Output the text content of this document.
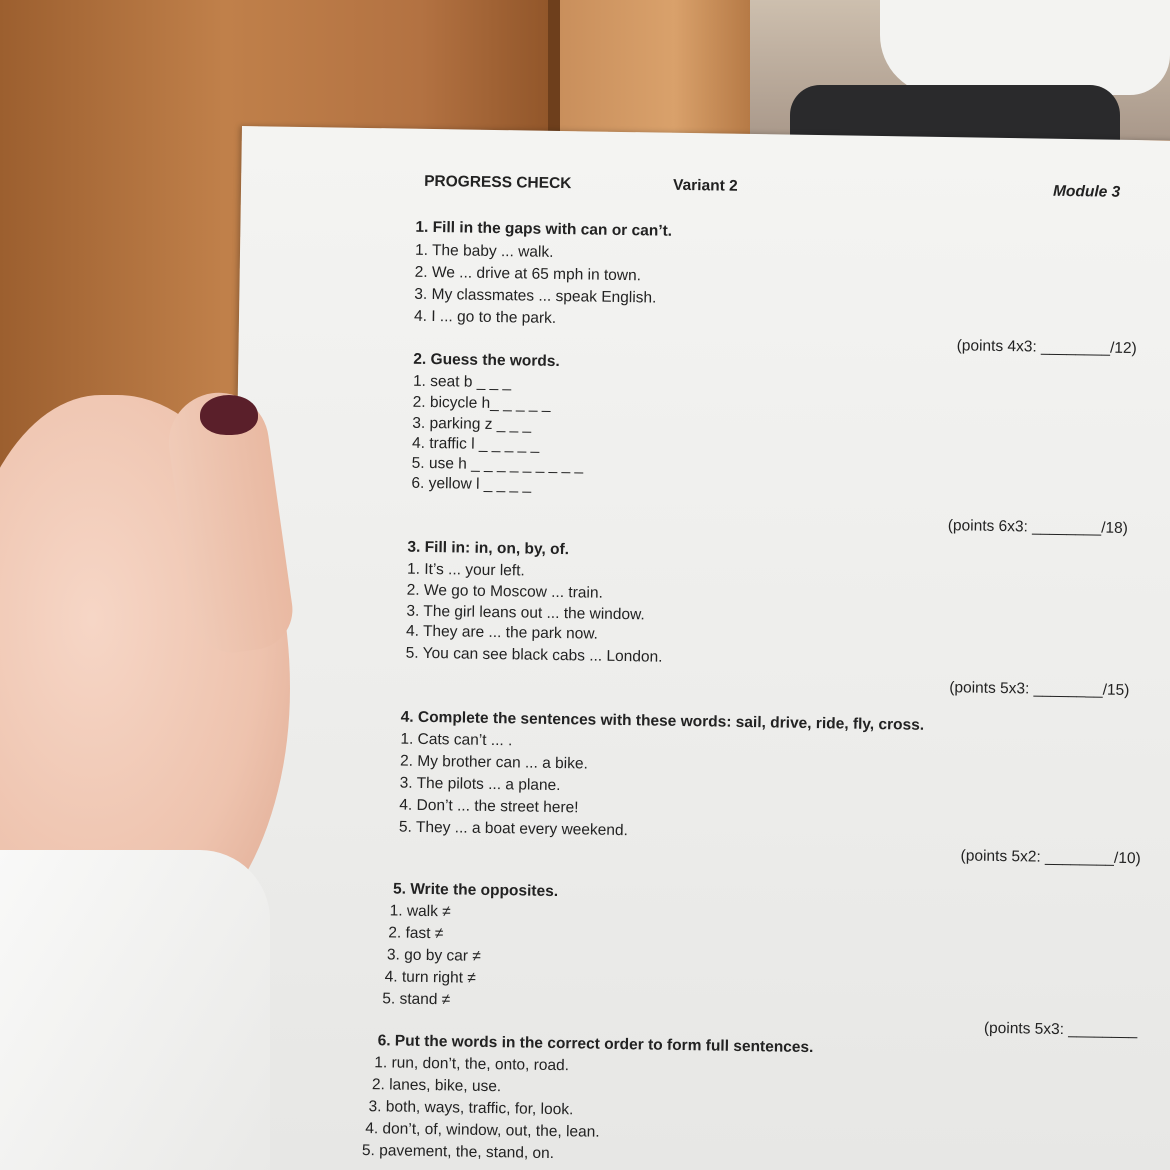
PROGRESS CHECK	Variant 2	Module 3
1. Fill in the gaps with can or can’t.
1. The baby ... walk.
2. We ... drive at 65 mph in town.
3. My classmates ... speak English.
4. I ... go to the park.
(points 4x3: ________/12)
2. Guess the words.
1. seat b _ _ _
2. bicycle h_ _ _ _ _
3. parking z _ _ _
4. traffic l _ _ _ _ _
5. use h _ _ _ _ _ _ _ _ _
6. yellow l _ _ _ _
(points 6x3: ________/18)
3. Fill in: in, on, by, of.
1. It’s ... your left.
2. We go to Moscow ... train.
3. The girl leans out ... the window.
4. They are ... the park now.
5. You can see black cabs ... London.
(points 5x3: ________/15)
4. Complete the sentences with these words: sail, drive, ride, fly, cross.
1. Cats can’t ... .
2. My brother can ... a bike.
3. The pilots ... a plane.
4. Don’t ... the street here!
5. They ... a boat every weekend.
(points 5x2: ________/10)
5. Write the opposites.
1. walk ≠
2. fast ≠
3. go by car ≠
4. turn right ≠
5. stand ≠
(points 5x3: ________
6. Put the words in the correct order to form full sentences.
1. run, don’t, the, onto, road.
2. lanes, bike, use.
3. both, ways, traffic, for, look.
4. don’t, of, window, out, the, lean.
5. pavement, the, stand, on.
